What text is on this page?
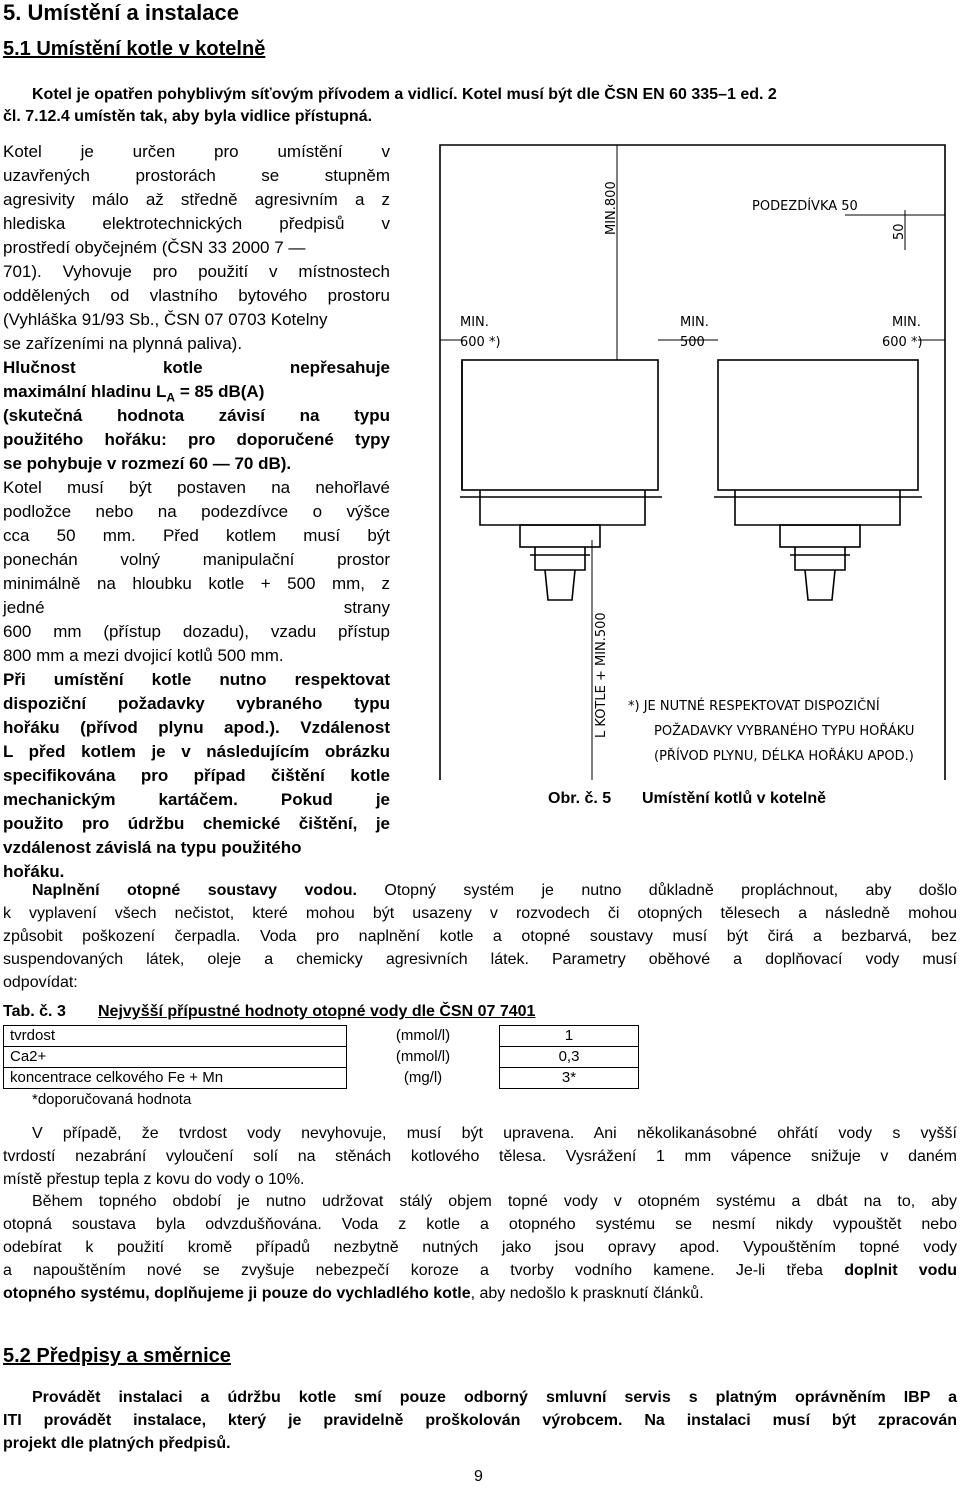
5. Umístění a instalace
5.1 Umístění kotle v kotelně
Kotel je opatřen pohyblivým síťovým přívodem a vidlicí. Kotel musí být dle ČSN EN 60 335–1 ed. 2
čl. 7.12.4 umístěn tak, aby byla vidlice přístupná.
Kotel je určen pro umístění v
uzavřených prostorách se stupněm
agresivity málo až středně agresivním a z
hlediska elektrotechnických předpisů v
prostředí obyčejném (ČSN 33 2000 7 —
701). Vyhovuje pro použití v místnostech
oddělených od vlastního bytového prostoru
(Vyhláška 91/93 Sb., ČSN 07 0703 Kotelny
se zařízeními na plynná paliva).
Hlučnost kotle nepřesahuje
maximální hladinu $L_A = 85$ dB(A)
(skutečná hodnota závisí na typu
použitého hořáku: pro doporučené typy
se pohybuje v rozmezí 60 — 70 dB).
Kotel musí být postaven na nehořlavé
podložce nebo na podezdívce o výšce
cca 50 mm. Před kotlem musí být
ponechán volný manipulační prostor
minimálně na hloubku kotle + 500 mm, z
jedné strany
600 mm (přístup dozadu), vzadu přístup
800 mm a mezi dvojicí kotlů 500 mm.
Při umístění kotle nutno respektovat
dispoziční požadavky vybraného typu
hořáku (přívod plynu apod.). Vzdálenost
L před kotlem je v následujícím obrázku
specifikována pro případ čištění kotle
mechanickým kartáčem. Pokud je
použito pro údržbu chemické čištění, je
vzdálenost závislá na typu použitého
hořáku.
MIN.800	PODEZDÍVKA 50
50
MIN.
600 *)
MIN.
500
MIN.
600 *)
L KOTLE + MIN.500 *) JE NUTNÉ RESPEKTOVAT DISPOZIČNÍ
POŽADAVKY VYBRANÉHO TYPU HOŘÁKU
(PŘÍVOD PLYNU, DÉLKA HOŘÁKU APOD.)
Obr. č. 5 Umístění kotlů v kotelně
Naplnění otopné soustavy vodou. Otopný systém je nutno důkladně propláchnout, aby došlo
k vyplavení všech nečistot, které mohou být usazeny v rozvodech či otopných tělesech a následně mohou
způsobit poškození čerpadla. Voda pro naplnění kotle a otopné soustavy musí být čirá a bezbarvá, bez
suspendovaných látek, oleje a chemicky agresivních látek. Parametry oběhové a doplňovací vody musí
odpovídat:
Tab. č. 3 Nejvyšší přípustné hodnoty otopné vody dle ČSN 07 7401
tvrdost	(mmol/l)	1
Ca2+	(mmol/l)	0,3
koncentrace celkového Fe + Mn	(mg/l)	3*
*doporučovaná hodnota
V případě, že tvrdost vody nevyhovuje, musí být upravena. Ani několikanásobné ohřátí vody s vyšší
tvrdostí nezabrání vyloučení solí na stěnách kotlového tělesa. Vysrážení 1 mm vápence snižuje v daném
místě přestup tepla z kovu do vody o 10%.
Během topného období je nutno udržovat stálý objem topné vody v otopném systému a dbát na to, aby
otopná soustava byla odvzdušňována. Voda z kotle a otopného systému se nesmí nikdy vypouštět nebo
odebírat k použití kromě případů nezbytně nutných jako jsou opravy apod. Vypouštěním topné vody
a napouštěním nové se zvyšuje nebezpečí koroze a tvorby vodního kamene. Je-li třeba doplnit vodu
otopného systému, doplňujeme ji pouze do vychladlého kotle, aby nedošlo k prasknutí článků.
5.2 Předpisy a směrnice
Provádět instalaci a údržbu kotle smí pouze odborný smluvní servis s platným oprávněním IBP a
ITI provádět instalace, který je pravidelně proškolován výrobcem. Na instalaci musí být zpracován
projekt dle platných předpisů.
9
